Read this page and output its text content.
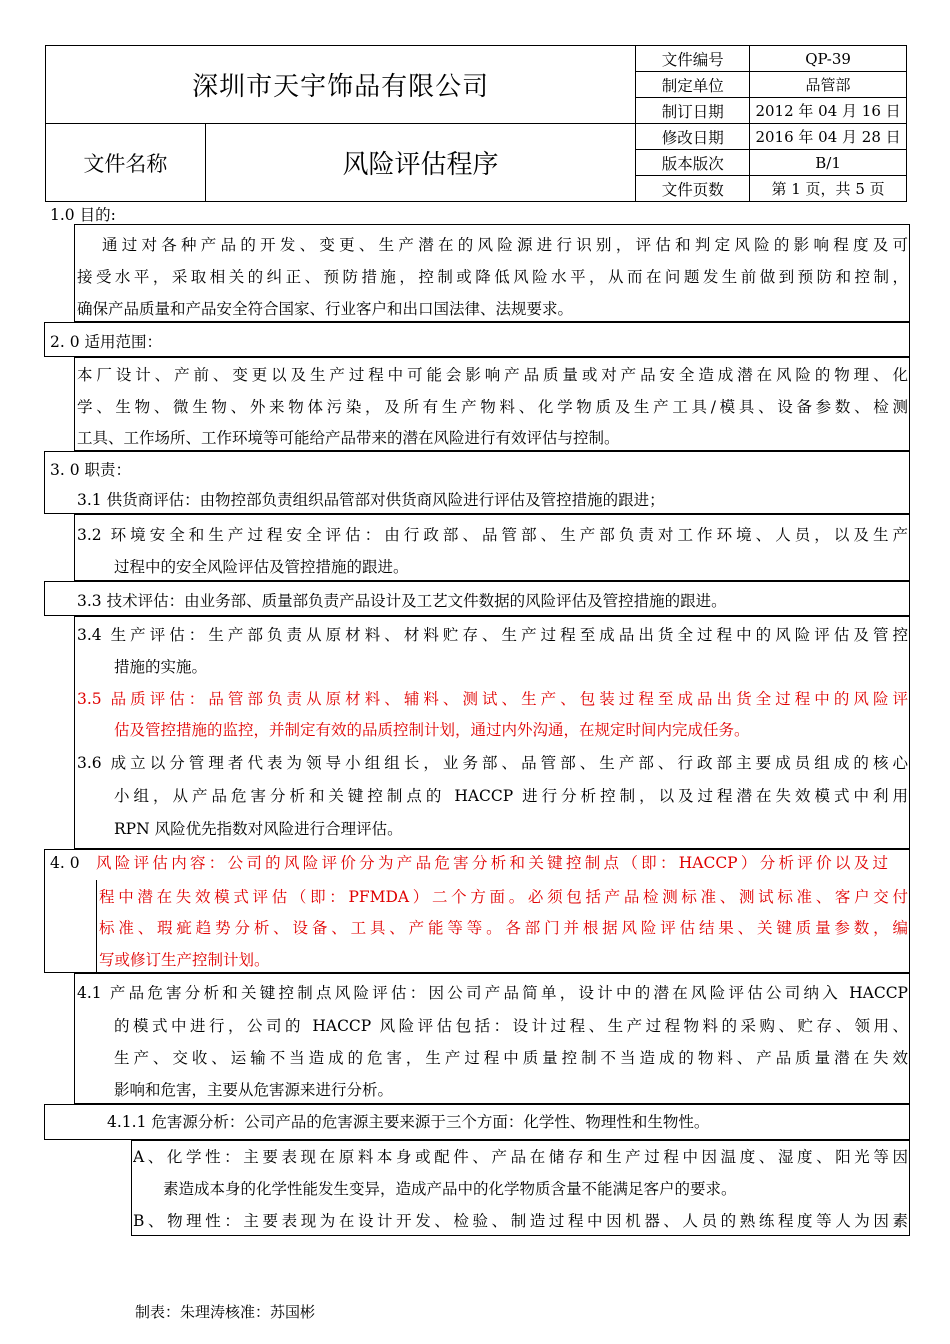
深圳市天宇饰品有限公司		文件编号	QP-39
		制定单位	品管部
		制订日期	2012 年 04 月 16 日
文件名称	风险评估程序	修改日期	2016 年 04 月 28 日
		版本版次	B/1
		文件页数	第 1 页，共 5 页
1.0 目的:
通过对各种产品的开发、变更、生产潜在的风险源进行识别，评估和判定风险的影响程度及可
接受水平，采取相关的纠正、预防措施，控制或降低风险水平，从而在问题发生前做到预防和控制，
确保产品质量和产品安全符合国家、行业客户和出口国法律、法规要求。
2. 0 适用范围：
本厂设计、产前、变更以及生产过程中可能会影响产品质量或对产品安全造成潜在风险的物理、化
学、生物、微生物、外来物体污染，及所有生产物料、化学物质及生产工具/模具、设备参数、检测
工具、工作场所、工作环境等可能给产品带来的潜在风险进行有效评估与控制。
3. 0 职责：
3.1 供货商评估：由物控部负责组织品管部对供货商风险进行评估及管控措施的跟进；
3.2 环境安全和生产过程安全评估：由行政部、品管部、生产部负责对工作环境、人员，以及生产
过程中的安全风险评估及管控措施的跟进。
3.3 技术评估：由业务部、质量部负责产品设计及工艺文件数据的风险评估及管控措施的跟进。
3.4 生产评估：生产部负责从原材料、材料贮存、生产过程至成品出货全过程中的风险评估及管控
措施的实施。
3.5 品质评估：品管部负责从原材料、辅料、测试、生产、包装过程至成品出货全过程中的风险评
估及管控措施的监控，并制定有效的品质控制计划，通过内外沟通，在规定时间内完成任务。
3.6 成立以分管理者代表为领导小组组长，业务部、品管部、生产部、行政部主要成员组成的核心
小组，从产品危害分析和关键控制点的 HACCP 进行分析控制，以及过程潜在失效模式中利用
RPN 风险优先指数对风险进行合理评估。
4. 0 风险评估内容：公司的风险评价分为产品危害分析和关键控制点（即：HACCP）分析评价以及过
程中潜在失效模式评估（即：PFMDA）二个方面。必须包括产品检测标准、测试标准、客户交付
标准、瑕疵趋势分析、设备、工具、产能等等。各部门并根据风险评估结果、关键质量参数，编
写或修订生产控制计划。
4.1 产品危害分析和关键控制点风险评估：因公司产品简单，设计中的潜在风险评估公司纳入 HACCP
的模式中进行，公司的 HACCP 风险评估包括：设计过程、生产过程物料的采购、贮存、领用、
生产、交收、运输不当造成的危害，生产过程中质量控制不当造成的物料、产品质量潜在失效
影响和危害，主要从危害源来进行分析。
4.1.1 危害源分析：公司产品的危害源主要来源于三个方面：化学性、物理性和生物性。
A、化学性：主要表现在原料本身或配件、产品在储存和生产过程中因温度、湿度、阳光等因
素造成本身的化学性能发生变异，造成产品中的化学物质含量不能满足客户的要求。
B、物理性：主要表现为在设计开发、检验、制造过程中因机器、人员的熟练程度等人为因素
制表：朱理涛核准：苏国彬
